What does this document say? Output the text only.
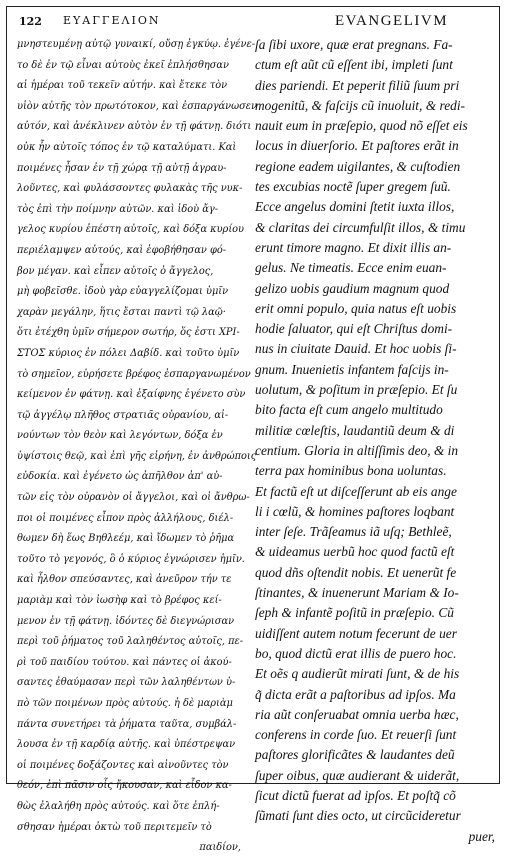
122 ΕΥΑΓΓΕΛΙΟΝ	EVANGELIVM
μνηστευμένῃ αὐτῷ γυναικί, οὔσῃ ἐγκύῳ. ἐγένε-
το δὲ ἐν τῷ εἶναι αὐτοὺς ἐκεῖ ἐπλήσθησαν
αἱ ἡμέραι τοῦ τεκεῖν αὐτήν. καὶ ἔτεκε τὸν
υἱὸν αὐτῆς τὸν πρωτότοκον, καὶ ἐσπαργάνωσεν
αὐτόν, καὶ ἀνέκλινεν αὐτὸν ἐν τῇ φάτνῃ. διότι
οὐκ ἦν αὐτοῖς τόπος ἐν τῷ καταλύματι. Καὶ
ποιμένες ἦσαν ἐν τῇ χώρᾳ τῇ αὐτῇ ἀγραυ-
λοῦντες, καὶ φυλάσσοντες φυλακὰς τῆς νυκ-
τὸς ἐπὶ τὴν ποίμνην αὐτῶν. καὶ ἰδοὺ ἄγ-
γελος κυρίου ἐπέστη αὐτοῖς, καὶ δόξα κυρίου
περιέλαμψεν αὐτούς, καὶ ἐφοβήθησαν φό-
βον μέγαν. καὶ εἶπεν αὐτοῖς ὁ ἄγγελος,
μὴ φοβεῖσθε. ἰδοὺ γὰρ εὐαγγελίζομαι ὑμῖν
χαρὰν μεγάλην, ἥτις ἔσται παντὶ τῷ λαῷ·
ὅτι ἐτέχθη ὑμῖν σήμερον σωτήρ, ὅς ἐστι ΧΡΙ-
ΣΤΟΣ κύριος ἐν πόλει Δαβίδ. καὶ τοῦτο ὑμῖν
τὸ σημεῖον, εὑρήσετε βρέφος ἐσπαργανωμένον
κείμενον ἐν φάτνῃ. καὶ ἐξαίφνης ἐγένετο σὺν
τῷ ἀγγέλῳ πλῆθος στρατιᾶς οὐρανίου, αἰ-
νούντων τὸν θεὸν καὶ λεγόντων, δόξα ἐν
ὑψίστοις θεῷ, καὶ ἐπὶ γῆς εἰρήνη, ἐν ἀνθρώποις
εὐδοκία. καὶ ἐγένετο ὡς ἀπῆλθον ἀπ' αὐ-
τῶν εἰς τὸν οὐρανὸν οἱ ἄγγελοι, καὶ οἱ ἄνθρω-
ποι οἱ ποιμένες εἶπον πρὸς ἀλλήλους, διέλ-
θωμεν δὴ ἕως Βηθλεέμ, καὶ ἴδωμεν τὸ ῥῆμα
τοῦτο τὸ γεγονός, ὃ ὁ κύριος ἐγνώρισεν ἡμῖν.
καὶ ἦλθον σπεύσαντες, καὶ ἀνεῦρον τήν τε
μαριὰμ καὶ τὸν ἰωσὴφ καὶ τὸ βρέφος κεί-
μενον ἐν τῇ φάτνῃ. ἰδόντες δὲ διεγνώρισαν
περὶ τοῦ ῥήματος τοῦ λαληθέντος αὐτοῖς, πε-
ρὶ τοῦ παιδίου τούτου. καὶ πάντες οἱ ἀκού-
σαντες ἐθαύμασαν περὶ τῶν λαληθέντων ὑ-
πὸ τῶν ποιμένων πρὸς αὐτούς. ἡ δὲ μαριὰμ
πάντα συνετήρει τὰ ῥήματα ταῦτα, συμβάλ-
λουσα ἐν τῇ καρδίᾳ αὐτῆς. καὶ ὑπέστρεψαν
οἱ ποιμένες δοξάζοντες καὶ αἰνοῦντες τὸν
θεόν, ἐπὶ πᾶσιν οἷς ἤκουσαν, καὶ εἶδον κα-
θὼς ἐλαλήθη πρὸς αὐτούς. καὶ ὅτε ἐπλή-
σθησαν ἡμέραι ὀκτὼ τοῦ περιτεμεῖν τὸ
παιδίον,
ſa ſibi uxore, quæ erat pregnans. Fa-
ctum eſt aũt cũ eſſent ibi, impleti ſunt
dies pariendi. Et peperit filiũ ſuum pri
mogenitũ, & faſcijs cũ inuoluit, & redi-
nauit eum in præſepio, quod nõ eſſet eis
locus in diuerſorio. Et paſtores erãt in
regione eadem uigilantes, & cuſtodien
tes excubias noctẽ ſuper gregem ſuũ.
Ecce angelus domini ſtetit iuxta illos,
& claritas dei circumfulſit illos, & timu
erunt timore magno. Et dixit illis an-
gelus. Ne timeatis. Ecce enim euan-
gelizo uobis gaudium magnum quod
erit omni populo, quia natus eſt uobis
hodie ſaluator, qui eſt Chriſtus domi-
nus in ciuitate Dauid. Et hoc uobis ſi-
gnum. Inuenietis infantem faſcijs in-
uolutum, & poſitum in præſepio. Et ſu
bito facta eſt cum angelo multitudo
militiæ cœleſtis, laudantiũ deum & di
centium. Gloria in altiſſimis deo, & in
terra pax hominibus bona uoluntas.
Et factũ eſt ut diſceſſerunt ab eis ange
li i cœlũ, & homines paſtores loqbant
inter ſeſe. Trãſeamus iã uſq; Bethleẽ,
& uideamus uerbũ hoc quod factũ eſt
quod dñs oſtendit nobis. Et uenerũt fe
ſtinantes, & inuenerunt Mariam & Io-
ſeph & infantẽ poſitũ in præſepio. Cũ
uidiſſent autem notum fecerunt de uer
bo, quod dictũ erat illis de puero hoc.
Et oẽs q audierũt mirati ſunt, & de his
q̃ dicta erãt a paſtoribus ad ipſos. Ma
ria aũt conſeruabat omnia uerba hæc,
conferens in corde ſuo. Et reuerſi ſunt
paſtores glorificãtes & laudantes deũ
ſuper oibus, quæ audierant & uiderãt,
ſicut dictũ fuerat ad ipſos. Et poſtq̃ cõ
ſũmati ſunt dies octo, ut circũcideretur
puer,
